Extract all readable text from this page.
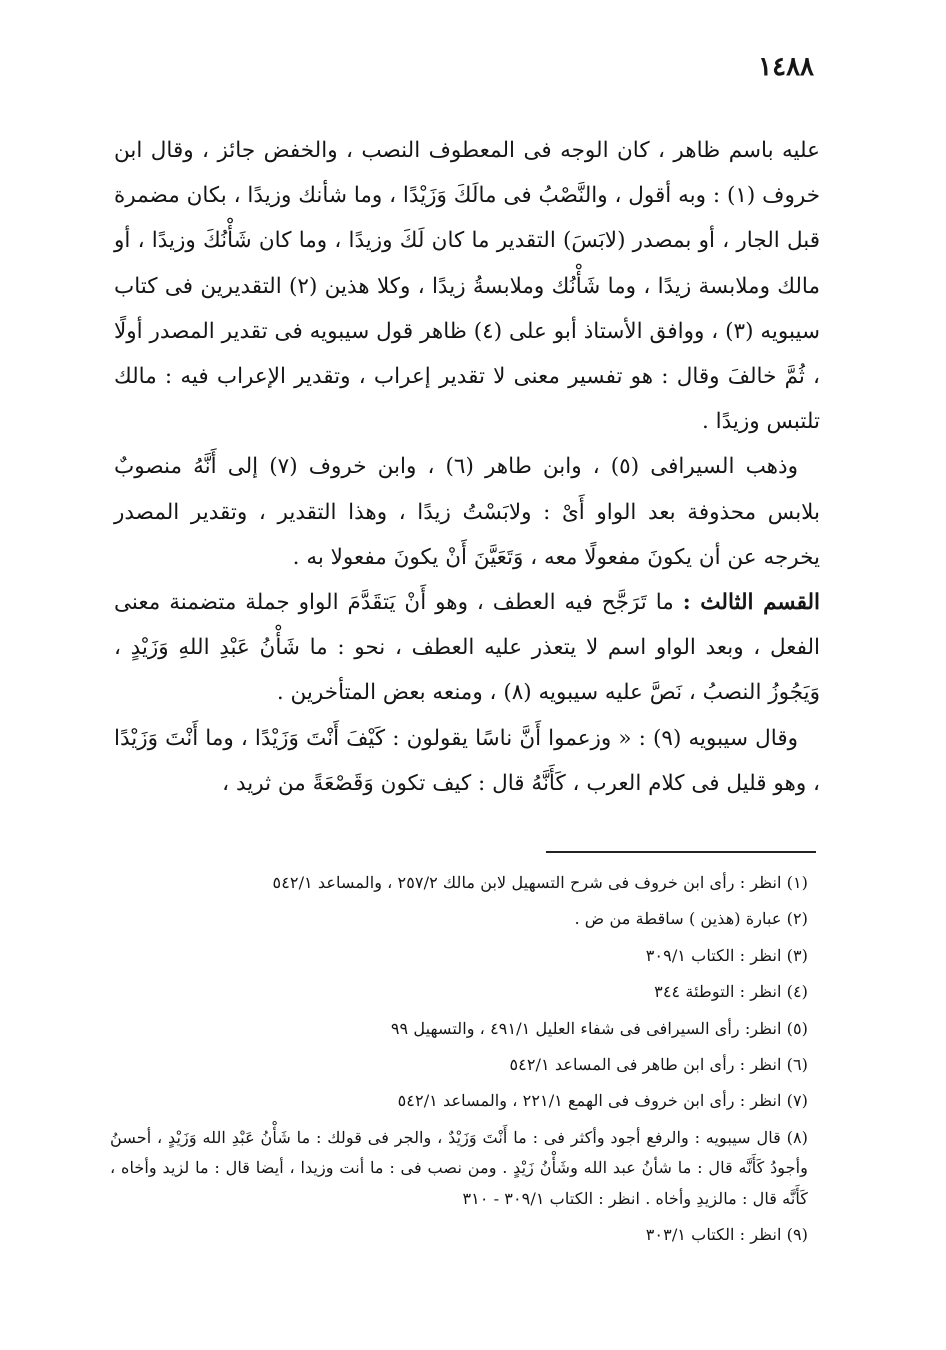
١٤٨٨

عليه باسم ظاهر ، كان الوجه فى المعطوف النصب ، والخفض جائز ، وقال ابن خروف (١) : وبه أقول ، والنَّصْبُ فى مالَكَ وَزَيْدًا ، وما شأنك وزيدًا ، بكان مضمرة قبل الجار ، أو بمصدر (لابَسَ) التقدير ما كان لَكَ وزيدًا ، وما كان شَأْنُكَ وزيدًا ، أو مالك وملابسة زيدًا ، وما شَأْنُك وملابسةُ زيدًا ، وكلا هذين (٢) التقديرين فى كتاب سيبويه (٣) ، ووافق الأستاذ أبو على (٤) ظاهر قول سيبويه فى تقدير المصدر أولًا ، ثُمَّ خالفَ وقال : هو تفسير معنى لا تقدير إعراب ، وتقدير الإعراب فيه : مالك تلتبس وزيدًا .

وذهب السيرافى (٥) ، وابن طاهر (٦) ، وابن خروف (٧) إلى أَنَّهُ منصوبٌ بلابس محذوفة بعد الواو أَىْ : ولابَسْتُ زيدًا ، وهذا التقدير ، وتقدير المصدر يخرجه عن أن يكونَ مفعولًا معه ، وَتَعَيَّنَ أَنْ يكونَ مفعولا به .

القسم الثالث : ما تَرَجَّح فيه العطف ، وهو أَنْ يَتقَدَّمَ الواو جملة متضمنة معنى الفعل ، وبعد الواو اسم لا يتعذر عليه العطف ، نحو : ما شَأْنُ عَبْدِ اللهِ وَزَيْدٍ ، وَيَجُوزُ النصبُ ، نَصَّ عليه سيبويه (٨) ، ومنعه بعض المتأخرين .

وقال سيبويه (٩) : « وزعموا أَنَّ ناسًا يقولون : كَيْفَ أَنْتَ وَزَيْدًا ، وما أَنْتَ وَزَيْدًا ، وهو قليل فى كلام العرب ، كَأَنَّهُ قال : كيف تكون وَقَصْعَةً من ثريد ،

(١) انظر : رأى ابن خروف فى شرح التسهيل لابن مالك ٢٥٧/٢ ، والمساعد ٥٤٢/١

(٢) عبارة (هذين ) ساقطة من ض .

(٣) انظر : الكتاب ٣٠٩/١

(٤) انظر : التوطئة ٣٤٤

(٥) انظر: رأى السيرافى فى شفاء العليل ٤٩١/١ ، والتسهيل ٩٩

(٦) انظر : رأى ابن طاهر فى المساعد ٥٤٢/١

(٧) انظر : رأى ابن خروف فى الهمع ٢٢١/١ ، والمساعد ٥٤٢/١

(٨) قال سيبويه : والرفع أجود وأكثر فى : ما أَنْتَ وَزَيْدٌ ، والجر فى قولك : ما شَأْنُ عَبْدِ الله وَزَيْدٍ ، أحسنُ وأجودُ كَأَنَّه قال : ما شأنُ عبد الله وشَأْنُ زَيْدٍ . ومن نصب فى : ما أنت وزيدا ، أيضا قال : ما لزيد وأخاه ، كَأَنَّه قال : مالزيدِ وأخاه . انظر : الكتاب ٣٠٩/١ - ٣١٠

(٩) انظر : الكتاب ٣٠٣/١
